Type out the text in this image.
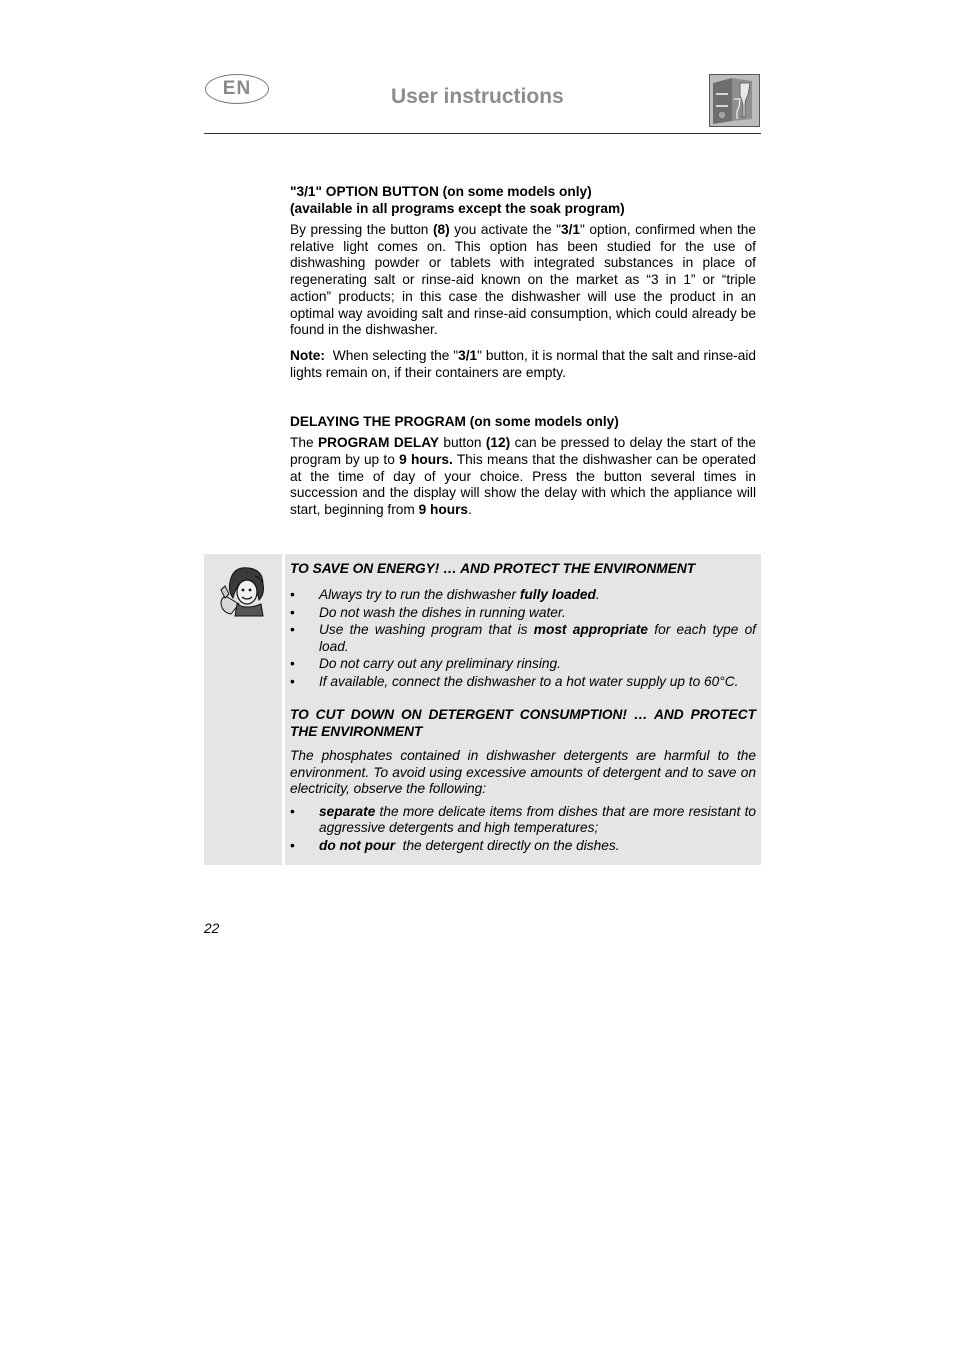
EN	User instructions
"3/1" OPTION BUTTON (on some models only)
(available in all programs except the soak program)

By pressing the button (8) you activate the "3/1" option, confirmed when the relative light comes on. This option has been studied for the use of dishwashing powder or tablets with integrated substances in place of regenerating salt or rinse-aid known on the market as “3 in 1” or “triple action” products; in this case the dishwasher will use the product in an optimal way avoiding salt and rinse-aid consumption, which could already be found in the dishwasher.

Note:  When selecting the "3/1" button, it is normal that the salt and rinse-aid lights remain on, if their containers are empty.

DELAYING THE PROGRAM (on some models only)

The PROGRAM DELAY button (12) can be pressed to delay the start of the program by up to 9 hours. This means that the dishwasher can be operated at the time of day of your choice. Press the button several times in succession and the display will show the delay with which the appliance will start, beginning from 9 hours.

TO SAVE ON ENERGY! … AND PROTECT THE ENVIRONMENT
• Always try to run the dishwasher fully loaded.
• Do not wash the dishes in running water.
• Use the washing program that is most appropriate for each type of load.
• Do not carry out any preliminary rinsing.
• If available, connect the dishwasher to a hot water supply up to 60°C.
TO CUT DOWN ON DETERGENT CONSUMPTION! … AND PROTECT THE ENVIRONMENT

The phosphates contained in dishwasher detergents are harmful to the environment. To avoid using excessive amounts of detergent and to save on electricity, observe the following:

• separate the more delicate items from dishes that are more resistant to aggressive detergents and high temperatures;
• do not pour  the detergent directly on the dishes.
22
